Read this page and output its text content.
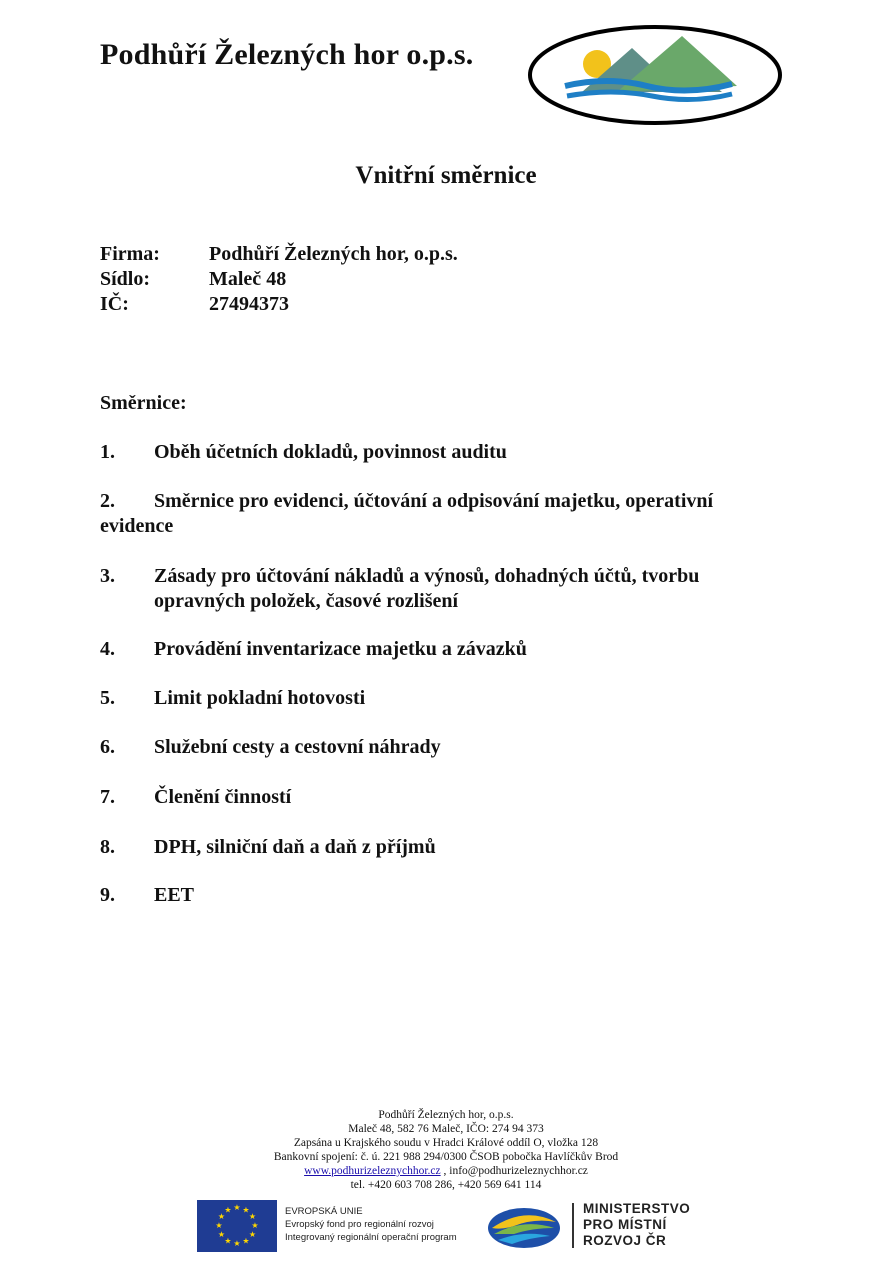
Podhůří Železných hor o.p.s.
Vnitřní směrnice
Firma: Podhůří Železných hor, o.p.s.
Sídlo:	Maleč 48
IČ:	27494373
Směrnice:
1. Oběh účetních dokladů, povinnost auditu
2. Směrnice pro evidenci, účtování a odpisování majetku, operativní evidence
3.	Zásady pro účtování nákladů a výnosů, dohadných účtů, tvorbu opravných položek, časové rozlišení
4. Provádění inventarizace majetku a závazků
5. Limit pokladní hotovosti
6. Služební cesty a cestovní náhrady
7. Členění činností
8. DPH, silniční daň a daň z příjmů
9. EET
Podhůří Železných hor, o.p.s.
Maleč 48, 582 76 Maleč, IČO: 274 94 373
Zapsána u Krajského soudu v Hradci Králové oddíl O, vložka 128
Bankovní spojení: č. ú. 221 988 294/0300 ČSOB pobočka Havlíčkův Brod
www.podhurizeleznychhor.cz , info@podhurizeleznychhor.cz
tel. +420 603 708 286, +420 569 641 114
★ ★
★
★
★
★
★
★
★
★
★
★	EVROPSKÁ UNIE
Evropský fond pro regionální rozvoj
Integrovaný regionální operační program
MINISTERSTVO
PRO MÍSTNÍ
ROZVOJ ČR
